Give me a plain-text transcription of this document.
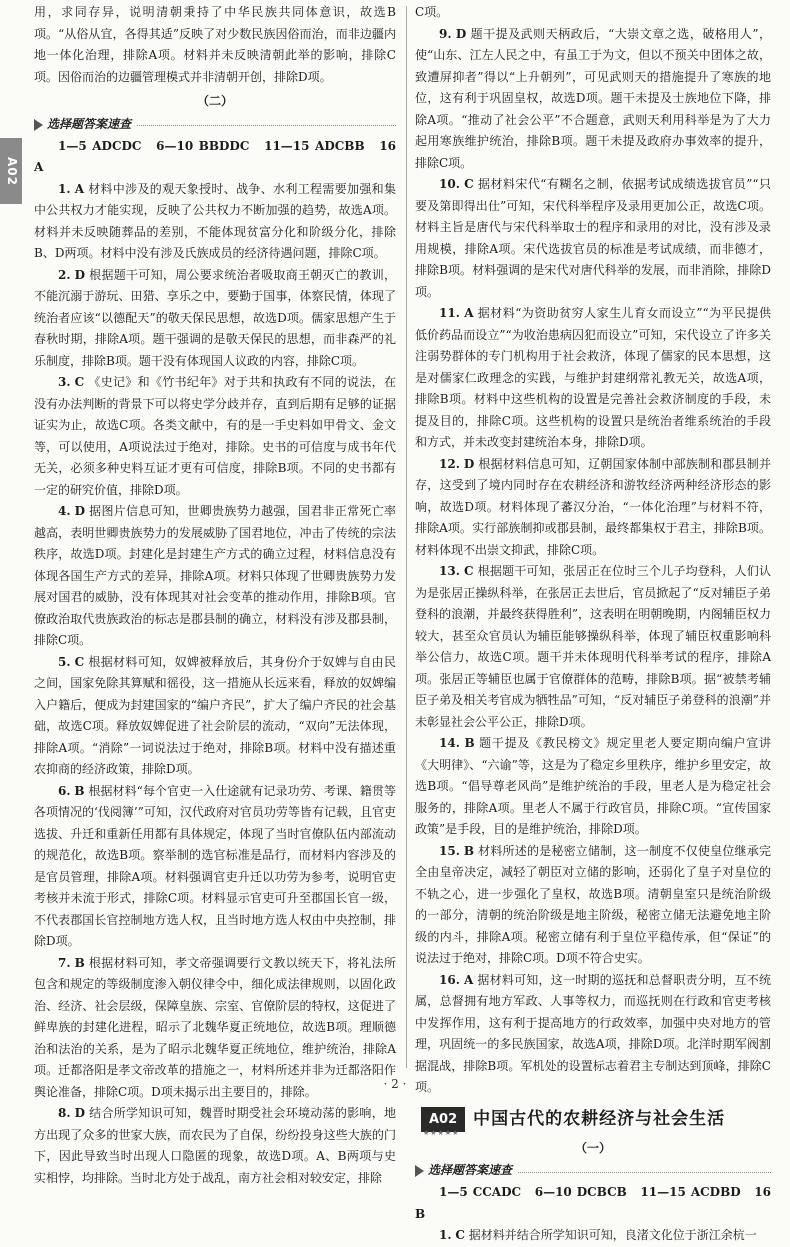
A02

用，求同存异，说明清朝秉持了中华民族共同体意识，故选B项。“从俗从宜，各得其适”反映了对少数民族因俗而治，而非边疆内地一体化治理，排除A项。材料并未反映清朝此举的影响，排除C项。因俗而治的边疆管理模式并非清朝开创，排除D项。

（二）
选择题答案速查

1—5 ADCDC　6—10 BBDDC　11—15 ADCBB　16 A

1. A 材料中涉及的观天象授时、战争、水利工程需要加强和集中公共权力才能实现，反映了公共权力不断加强的趋势，故选A项。材料并未反映随葬品的差别，不能体现贫富分化和阶级分化，排除B、D两项。材料中没有涉及氏族成员的经济待遇问题，排除C项。

2. D 根据题干可知，周公要求统治者吸取商王朝灭亡的教训，不能沉溺于游玩、田猎、享乐之中，要勤于国事，体察民情，体现了统治者应该“以德配天”的敬天保民思想，故选D项。儒家思想产生于春秋时期，排除A项。题干强调的是敬天保民的思想，而非森严的礼乐制度，排除B项。题干没有体现国人议政的内容，排除C项。

3. C 《史记》和《竹书纪年》对于共和执政有不同的说法，在没有办法判断的背景下可以将史学分歧并存，直到后期有足够的证据证实为止，故选C项。各类文献中，有的是一手史料如甲骨文、金文等，可以使用，A项说法过于绝对，排除。史书的可信度与成书年代无关，必须多种史料互证才更有可信度，排除B项。不同的史书都有一定的研究价值，排除D项。

4. D 据图片信息可知，世卿贵族势力越强，国君非正常死亡率越高，表明世卿贵族势力的发展威胁了国君地位，冲击了传统的宗法秩序，故选D项。封建化是封建生产方式的确立过程，材料信息没有体现各国生产方式的差异，排除A项。材料只体现了世卿贵族势力发展对国君的威胁，没有体现其对社会变革的推动作用，排除B项。官僚政治取代贵族政治的标志是郡县制的确立，材料没有涉及郡县制，排除C项。

5. C 根据材料可知，奴婢被释放后，其身份介于奴婢与自由民之间，国家免除其算赋和徭役，这一措施从长远来看，释放的奴婢编入户籍后，便成为封建国家的“编户齐民”，扩大了编户齐民的社会基础，故选C项。释放奴婢促进了社会阶层的流动，“双向”无法体现，排除A项。“消除”一词说法过于绝对，排除B项。材料中没有描述重农抑商的经济政策，排除D项。

6. B 根据材料“每个官吏一入仕途就有记录功劳、考课、籍贯等各项情况的‘伐阅簿’”可知，汉代政府对官员功劳等皆有记载，且官吏选拔、升迁和重新任用都有具体规定，体现了当时官僚队伍内部流动的规范化，故选B项。察举制的选官标准是品行，而材料内容涉及的是官员管理，排除A项。材料强调官吏升迁以功劳为参考，说明官吏考核并未流于形式，排除C项。材料显示官吏可升至郡国长官一级，不代表郡国长官控制地方选人权，且当时地方选人权由中央控制，排除D项。

7. B 根据材料可知，孝文帝强调要行文教以统天下，将礼法所包含和规定的等级制度渗入朝仪律令中，细化成法律规则，以固化政治、经济、社会层级，保障皇族、宗室、官僚阶层的特权，这促进了鲜卑族的封建化进程，昭示了北魏华夏正统地位，故选B项。理顺德治和法治的关系，是为了昭示北魏华夏正统地位，维护统治，排除A项。迁都洛阳是孝文帝改革的措施之一，材料所述并非为迁都洛阳作舆论准备，排除C项。D项未揭示出主要目的，排除。

8. D 结合所学知识可知，魏晋时期受社会环境动荡的影响，地方出现了众多的世家大族，而农民为了自保，纷纷投身这些大族的门下，因此导致当时出现人口隐匿的现象，故选D项。A、B两项与史实相悖，均排除。当时北方处于战乱，南方社会相对较安定，排除

C项。

9. D 题干提及武则天柄政后，“大崇文章之选，破格用人”，使“山东、江左人民之中，有虽工于为文，但以不预关中团体之故，致遭屏抑者”得以“上升朝列”，可见武则天的措施提升了寒族的地位，这有利于巩固皇权，故选D项。题干未提及士族地位下降，排除A项。“推动了社会公平”不合题意，武则天利用科举是为了大力起用寒族维护统治，排除B项。题干未提及政府办事效率的提升，排除C项。

10. C 据材料宋代“有糊名之制，依据考试成绩选拔官员”“只要及第即得出仕”可知，宋代科举程序及录用更加公正，故选C项。材料主旨是唐代与宋代科举取士的程序和录用的对比，没有涉及录用规模，排除A项。宋代选拔官员的标准是考试成绩，而非德才，排除B项。材料强调的是宋代对唐代科举的发展，而非消除，排除D项。

11. A 据材料“为资助贫穷人家生儿育女而设立”“为平民提供低价药品而设立”“为收治患病囚犯而设立”可知，宋代设立了许多关注弱势群体的专门机构用于社会救济，体现了儒家的民本思想，这是对儒家仁政理念的实践，与维护封建纲常礼教无关，故选A项，排除B项。材料中这些机构的设置是完善社会救济制度的手段，未提及目的，排除C项。这些机构的设置只是统治者维系统治的手段和方式，并未改变封建统治本身，排除D项。

12. D 根据材料信息可知，辽朝国家体制中部族制和郡县制并存，这受到了境内同时存在农耕经济和游牧经济两种经济形态的影响，故选D项。材料体现了蕃汉分治，“一体化治理”与材料不符，排除A项。实行部族制抑或郡县制，最终都集权于君主，排除B项。材料体现不出崇文抑武，排除C项。

13. C 根据题干可知，张居正在位时三个儿子均登科，人们认为是张居正操纵科举，在张居正去世后，官员掀起了“反对辅臣子弟登科的浪潮，并最终获得胜利”，这表明在明朝晚期，内阁辅臣权力较大，甚至众官员认为辅臣能够操纵科举，体现了辅臣权重影响科举公信力，故选C项。题干并未体现明代科举考试的程序，排除A项。张居正等辅臣也属于官僚群体的范畴，排除B项。据“被禁考辅臣子弟及相关考官成为牺牲品”可知，“反对辅臣子弟登科的浪潮”并未彰显社会公平公正，排除D项。

14. B 题干提及《教民榜文》规定里老人要定期向编户宣讲《大明律》、“六谕”等，这是为了稳定乡里秩序，维护乡里安定，故选B项。“倡导尊老风尚”是维护统治的手段，里老人是为稳定社会服务的，排除A项。里老人不属于行政官员，排除C项。“宣传国家政策”是手段，目的是维护统治，排除D项。

15. B 材料所述的是秘密立储制，这一制度不仅使皇位继承完全由皇帝决定，减轻了朝臣对立储的影响，还弱化了皇子对皇位的不轨之心，进一步强化了皇权，故选B项。清朝皇室只是统治阶级的一部分，清朝的统治阶级是地主阶级，秘密立储无法避免地主阶级的内斗，排除A项。秘密立储有利于皇位平稳传承，但“保证”的说法过于绝对，排除C项。D项不符合史实。

16. A 据材料可知，这一时期的巡抚和总督职责分明，互不统属，总督拥有地方军政、人事等权力，而巡抚则在行政和官吏考核中发挥作用，这有利于提高地方的行政效率，加强中央对地方的管理，巩固统一的多民族国家，故选A项，排除D项。北洋时期军阀割据混战，排除B项。军机处的设置标志着君主专制达到顶峰，排除C项。

A02
★★★★★
中国古代的农耕经济与社会生活
（一）
选择题答案速查

1—5 CCADC　6—10 DCBCB　11—15 ACDBD　16 B

1. C 据材料并结合所学知识可知，良渚文化位于浙江余杭一

· 2 ·
